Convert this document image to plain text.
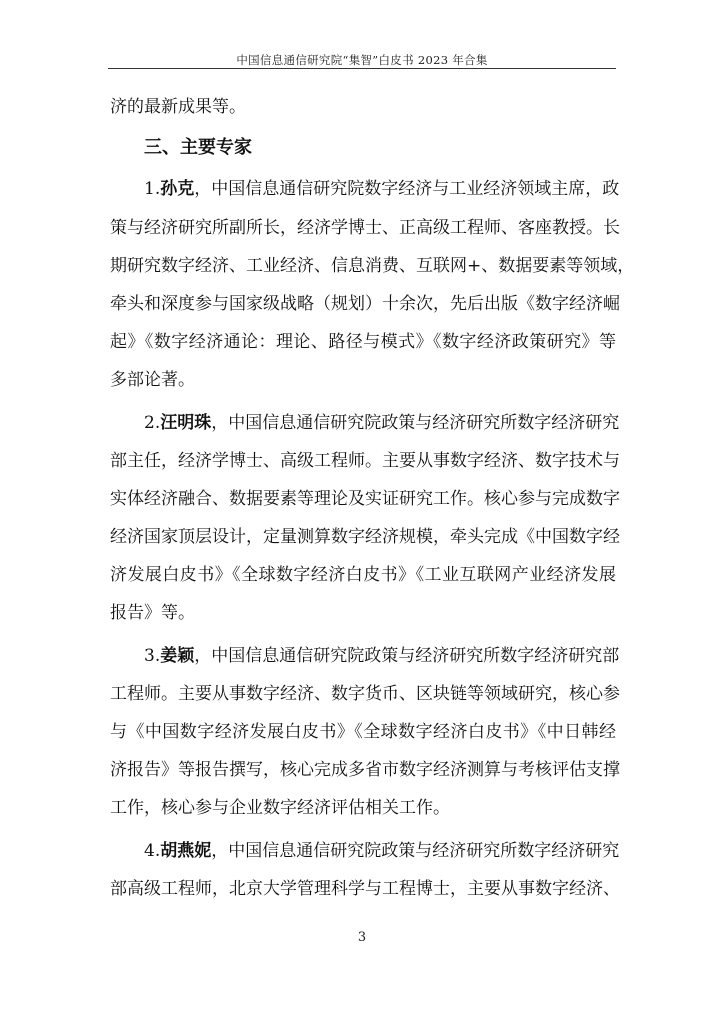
中国信息通信研究院“集智”白皮书 2023 年合集
济的最新成果等。
三、主要专家
1.孙克，中国信息通信研究院数字经济与工业经济领域主席，政
策与经济研究所副所长，经济学博士、正高级工程师、客座教授。长
期研究数字经济、工业经济、信息消费、互联网+、数据要素等领域，
牵头和深度参与国家级战略（规划）十余次，先后出版《数字经济崛
起》《数字经济通论：理论、路径与模式》《数字经济政策研究》等
多部论著。
2.汪明珠，中国信息通信研究院政策与经济研究所数字经济研究
部主任，经济学博士、高级工程师。主要从事数字经济、数字技术与
实体经济融合、数据要素等理论及实证研究工作。核心参与完成数字
经济国家顶层设计，定量测算数字经济规模，牵头完成《中国数字经
济发展白皮书》《全球数字经济白皮书》《工业互联网产业经济发展
报告》等。
3.姜颖，中国信息通信研究院政策与经济研究所数字经济研究部
工程师。主要从事数字经济、数字货币、区块链等领域研究，核心参
与《中国数字经济发展白皮书》《全球数字经济白皮书》《中日韩经
济报告》等报告撰写，核心完成多省市数字经济测算与考核评估支撑
工作，核心参与企业数字经济评估相关工作。
4.胡燕妮，中国信息通信研究院政策与经济研究所数字经济研究
部高级工程师，北京大学管理科学与工程博士，主要从事数字经济、
3
